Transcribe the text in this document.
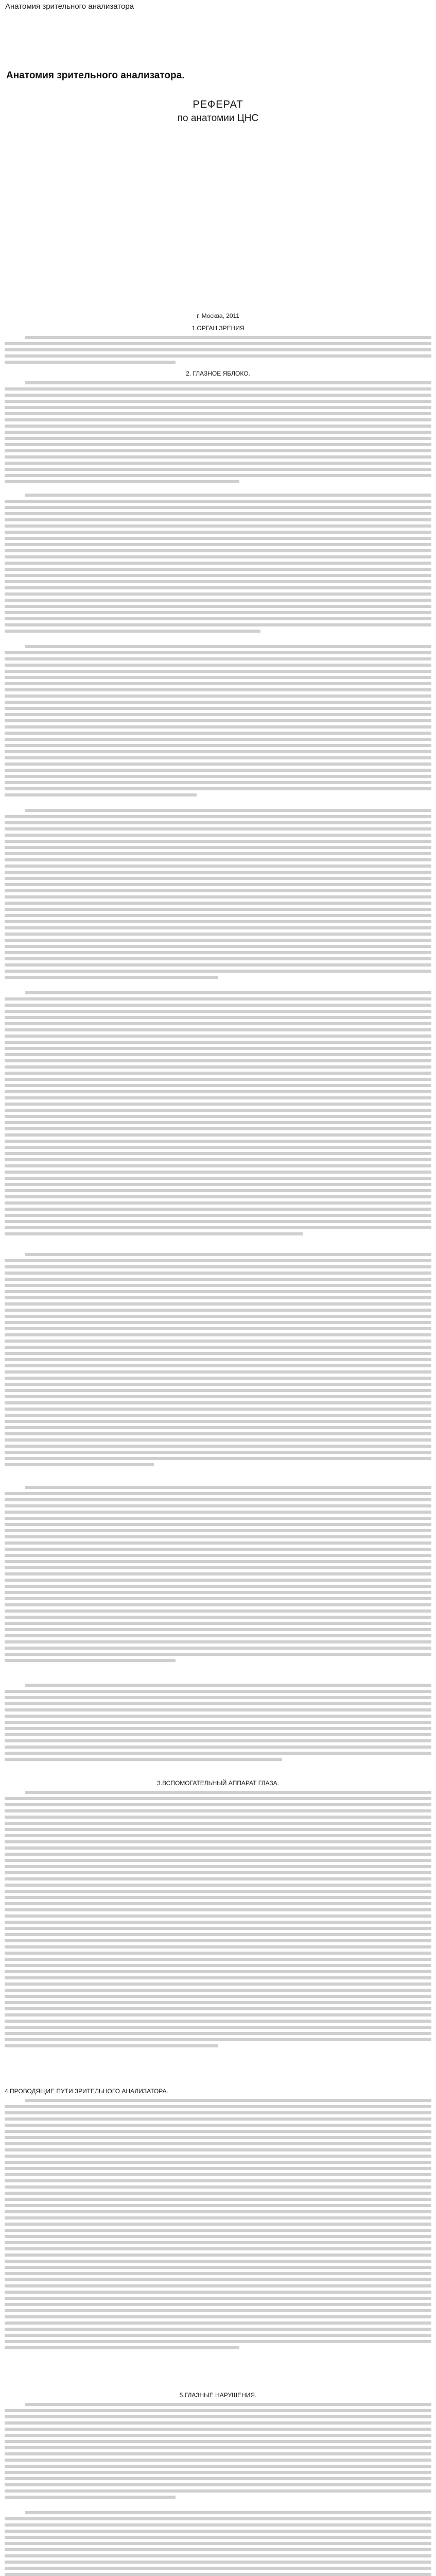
Анатомия зрительного анализатора
Анатомия зрительного анализатора.

РЕФЕРАТ

по анатомии ЦНС

г. Москва, 2011
1.ОРГАН ЗРЕНИЯ
2. ГЛАЗНОЕ ЯБЛОКО.
3.ВСПОМОГАТЕЛЬНЫЙ АППАРАТ ГЛАЗА.
4.ПРОВОДЯЩИЕ ПУТИ ЗРИТЕЛЬНОГО АНАЛИЗАТОРА.
5.ГЛАЗНЫЕ НАРУШЕНИЯ.
